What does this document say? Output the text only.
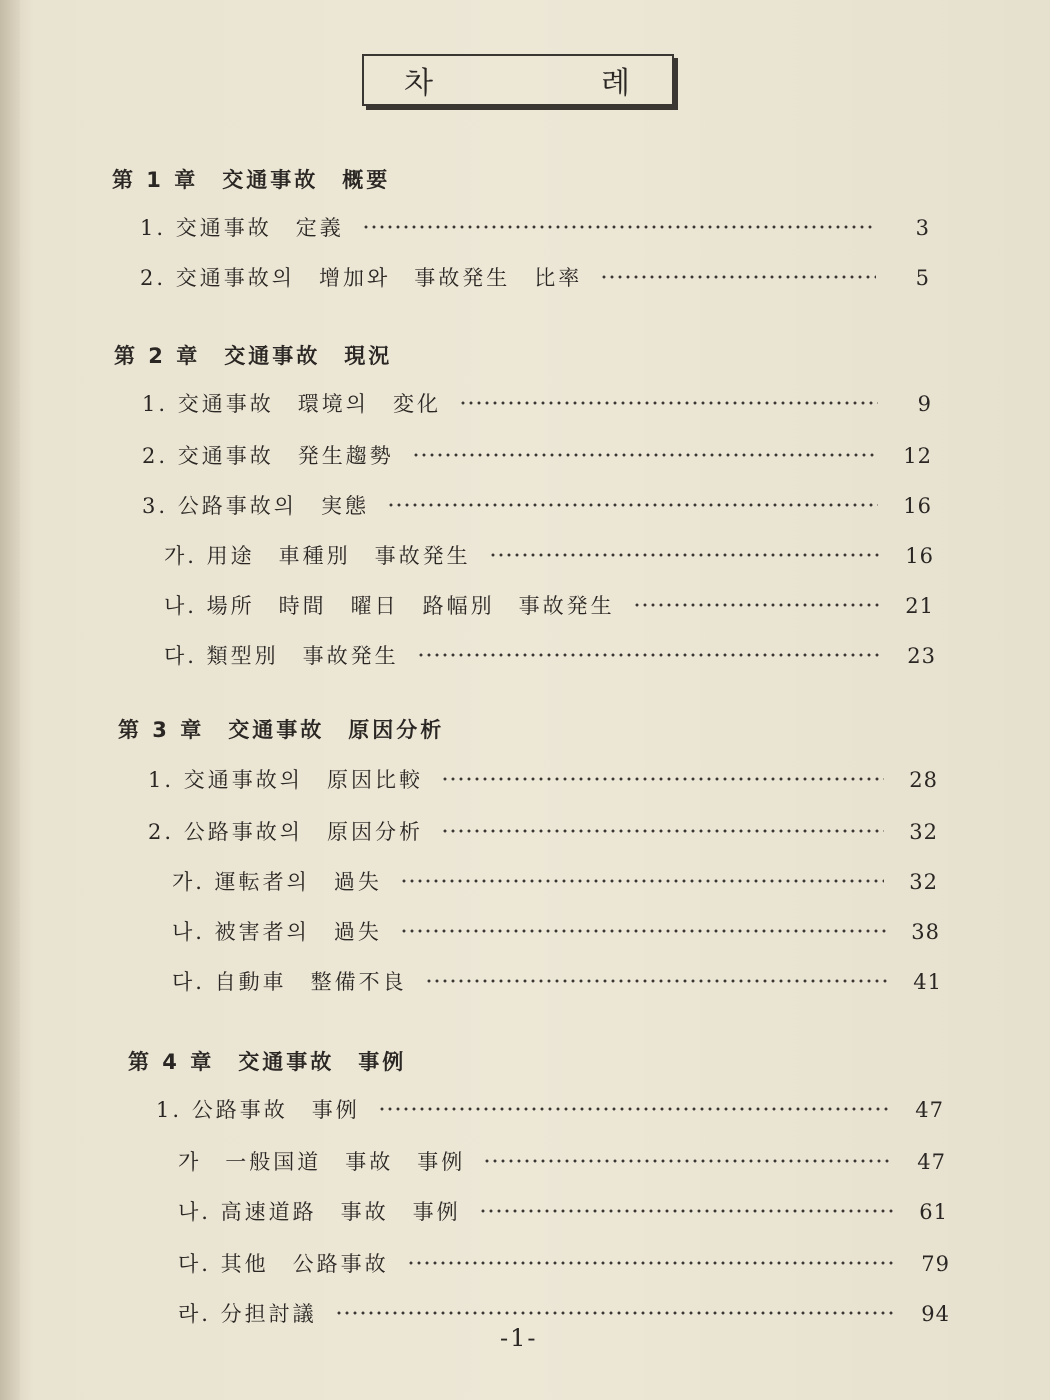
차	례
第 1 章　交通事故　概要
1. 交通事故　定義	3
2. 交通事故의　增加와　事故発生　比率	5
第 2 章　交通事故　現況
1. 交通事故　環境의　変化	9
2. 交通事故　発生趨勢	12
3. 公路事故의　実態	16
가. 用途　車種別　事故発生	16
나. 場所　時間　曜日　路幅別　事故発生	21
다. 類型別　事故発生	23
第 3 章　交通事故　原因分析
1. 交通事故의　原因比較	28
2. 公路事故의　原因分析	32
가. 運転者의　過失	32
나. 被害者의　過失	38
다. 自動車　整備不良	41
第 4 章　交通事故　事例
1. 公路事故　事例	47
가　一般国道　事故　事例	47
나. 高速道路　事故　事例	61
다. 其他　公路事故	79
라. 分担討議	94
-1-
